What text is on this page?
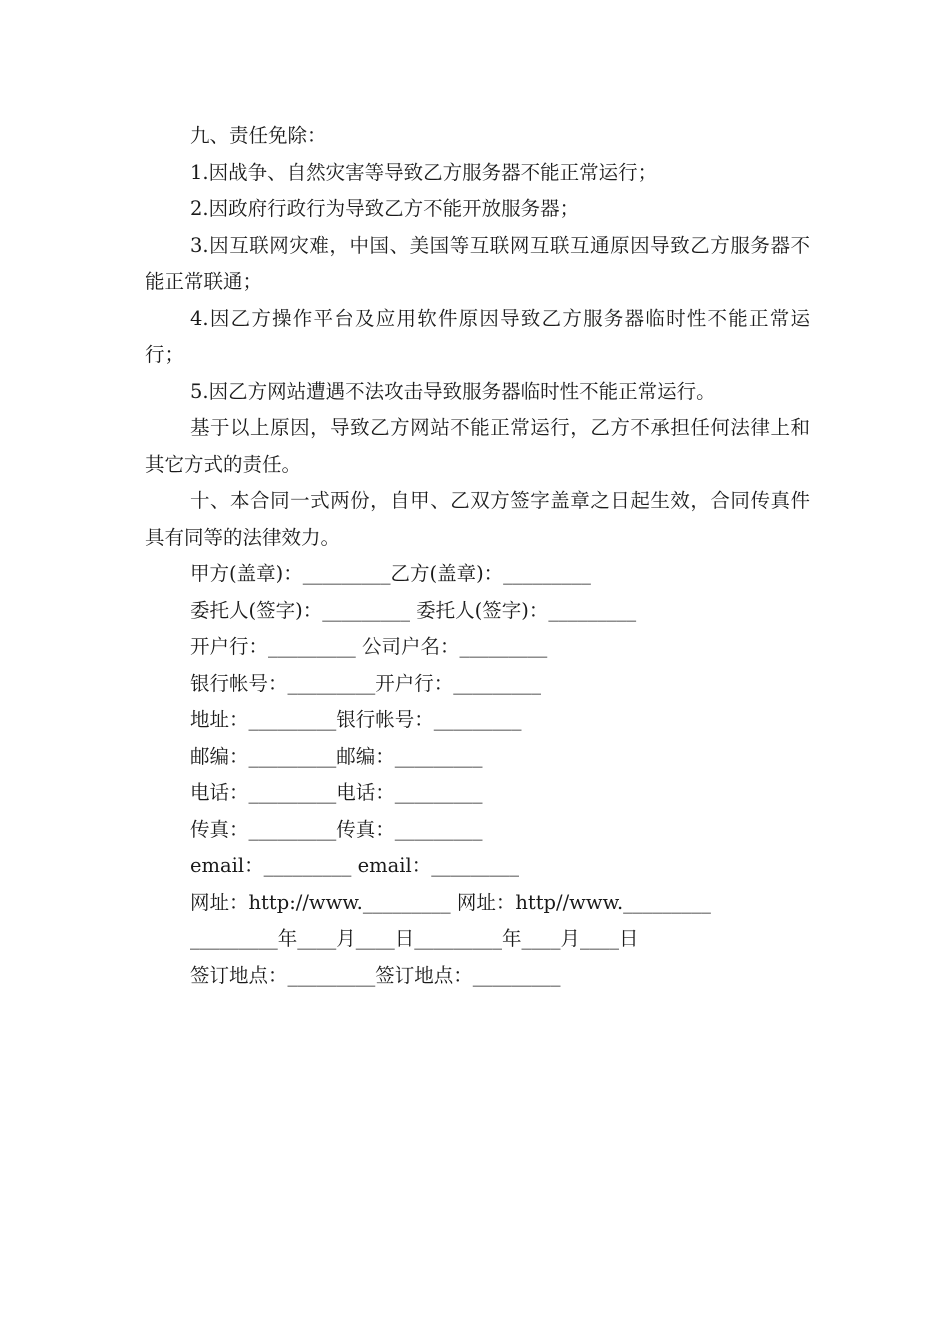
九、责任免除：

1.因战争、自然灾害等导致乙方服务器不能正常运行；

2.因政府行政行为导致乙方不能开放服务器；

3.因互联网灾难，中国、美国等互联网互联互通原因导致乙方服务器不能正常联通；

4.因乙方操作平台及应用软件原因导致乙方服务器临时性不能正常运行；

5.因乙方网站遭遇不法攻击导致服务器临时性不能正常运行。

基于以上原因，导致乙方网站不能正常运行，乙方不承担任何法律上和其它方式的责任。

十、本合同一式两份，自甲、乙双方签字盖章之日起生效，合同传真件具有同等的法律效力。

甲方(盖章)：_________乙方(盖章)：_________

委托人(签字)：_________ 委托人(签字)：_________

开户行：_________ 公司户名：_________

银行帐号：_________开户行：_________

地址：_________银行帐号：_________

邮编：_________邮编：_________

电话：_________电话：_________

传真：_________传真：_________

email：_________ email：_________

网址：http://www._________ 网址：http//www._________

_________年____月____日_________年____月____日

签订地点：_________签订地点：_________
